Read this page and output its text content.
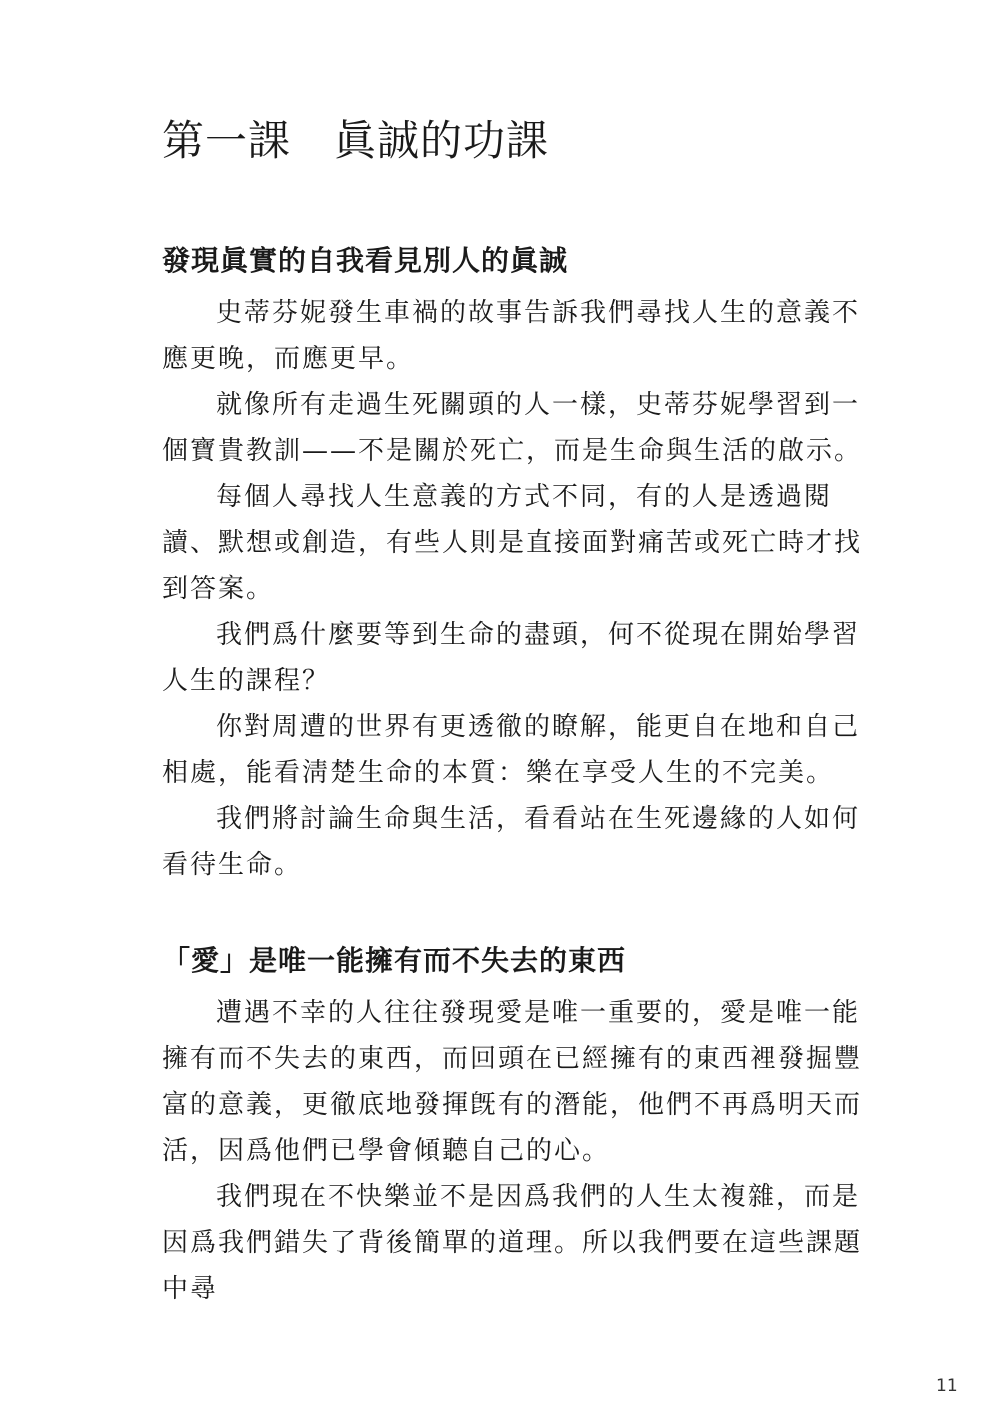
第一課　眞誠的功課
發現眞實的自我看見別人的眞誠

史蒂芬妮發生車禍的故事告訴我們尋找人生的意義不應更晚，而應更早。

就像所有走過生死關頭的人一樣，史蒂芬妮學習到一個寶貴教訓——不是關於死亡，而是生命與生活的啟示。

每個人尋找人生意義的方式不同，有的人是透過閱讀、默想或創造，有些人則是直接面對痛苦或死亡時才找到答案。

我們爲什麼要等到生命的盡頭，何不從現在開始學習人生的課程？

你對周遭的世界有更透徹的瞭解，能更自在地和自己相處，能看淸楚生命的本質：樂在享受人生的不完美。

我們將討論生命與生活，看看站在生死邊緣的人如何看待生命。

「愛」是唯一能擁有而不失去的東西

遭遇不幸的人往往發現愛是唯一重要的，愛是唯一能擁有而不失去的東西，而回頭在已經擁有的東西裡發掘豐富的意義，更徹底地發揮旣有的潛能，他們不再爲明天而活，因爲他們已學會傾聽自己的心。

我們現在不快樂並不是因爲我們的人生太複雜，而是因爲我們錯失了背後簡單的道理。所以我們要在這些課題中尋

11
